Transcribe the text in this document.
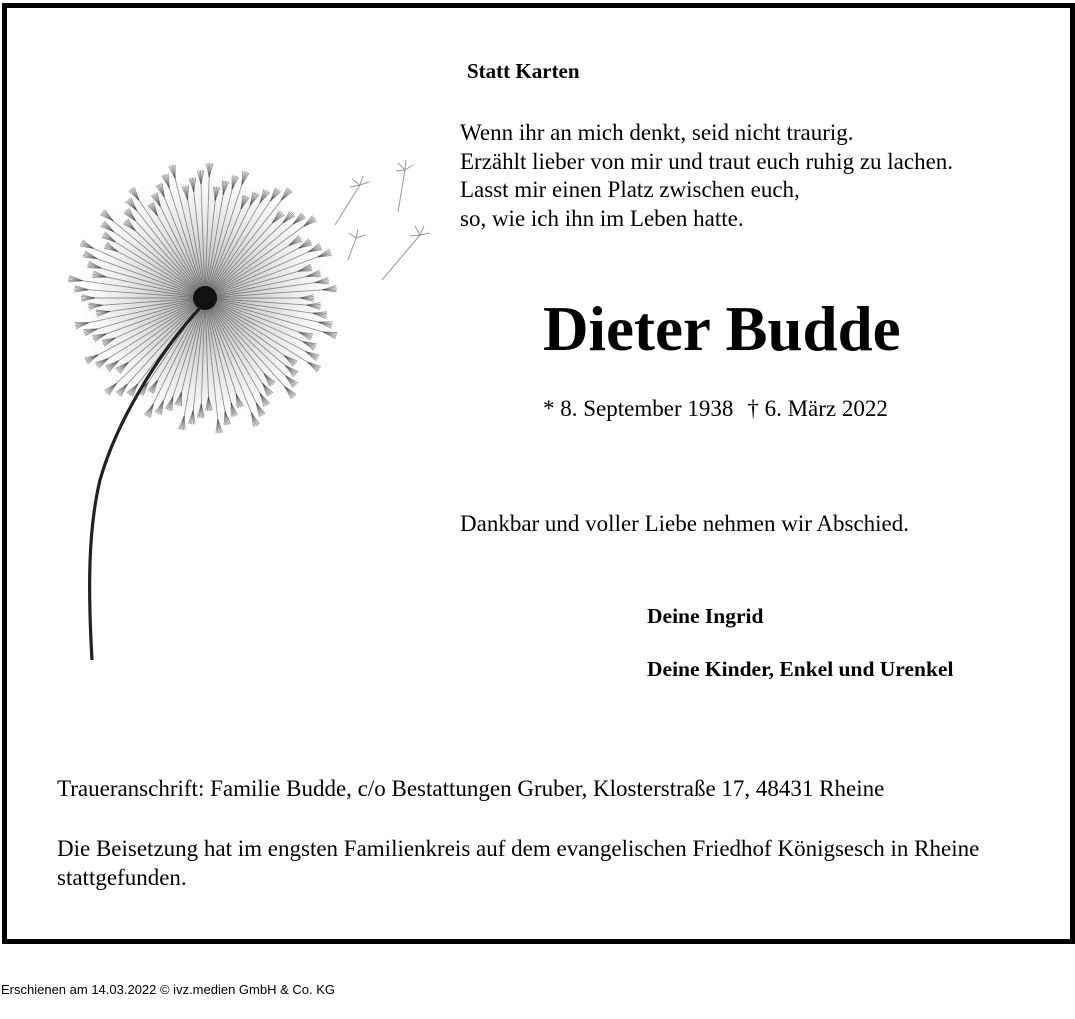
Statt Karten
Wenn ihr an mich denkt, seid nicht traurig.
Erzählt lieber von mir und traut euch ruhig zu lachen.
Lasst mir einen Platz zwischen euch,
so, wie ich ihn im Leben hatte.
Dieter Budde
* 8. September 1938 † 6. März 2022
Dankbar und voller Liebe nehmen wir Abschied.
Deine Ingrid
Deine Kinder, Enkel und Urenkel
Traueranschrift: Familie Budde, c/o Bestattungen Gruber, Klosterstraße 17, 48431 Rheine
Die Beisetzung hat im engsten Familienkreis auf dem evangelischen Friedhof Königsesch in Rheine stattgefunden.
Erschienen am 14.03.2022 © ivz.medien GmbH & Co. KG
